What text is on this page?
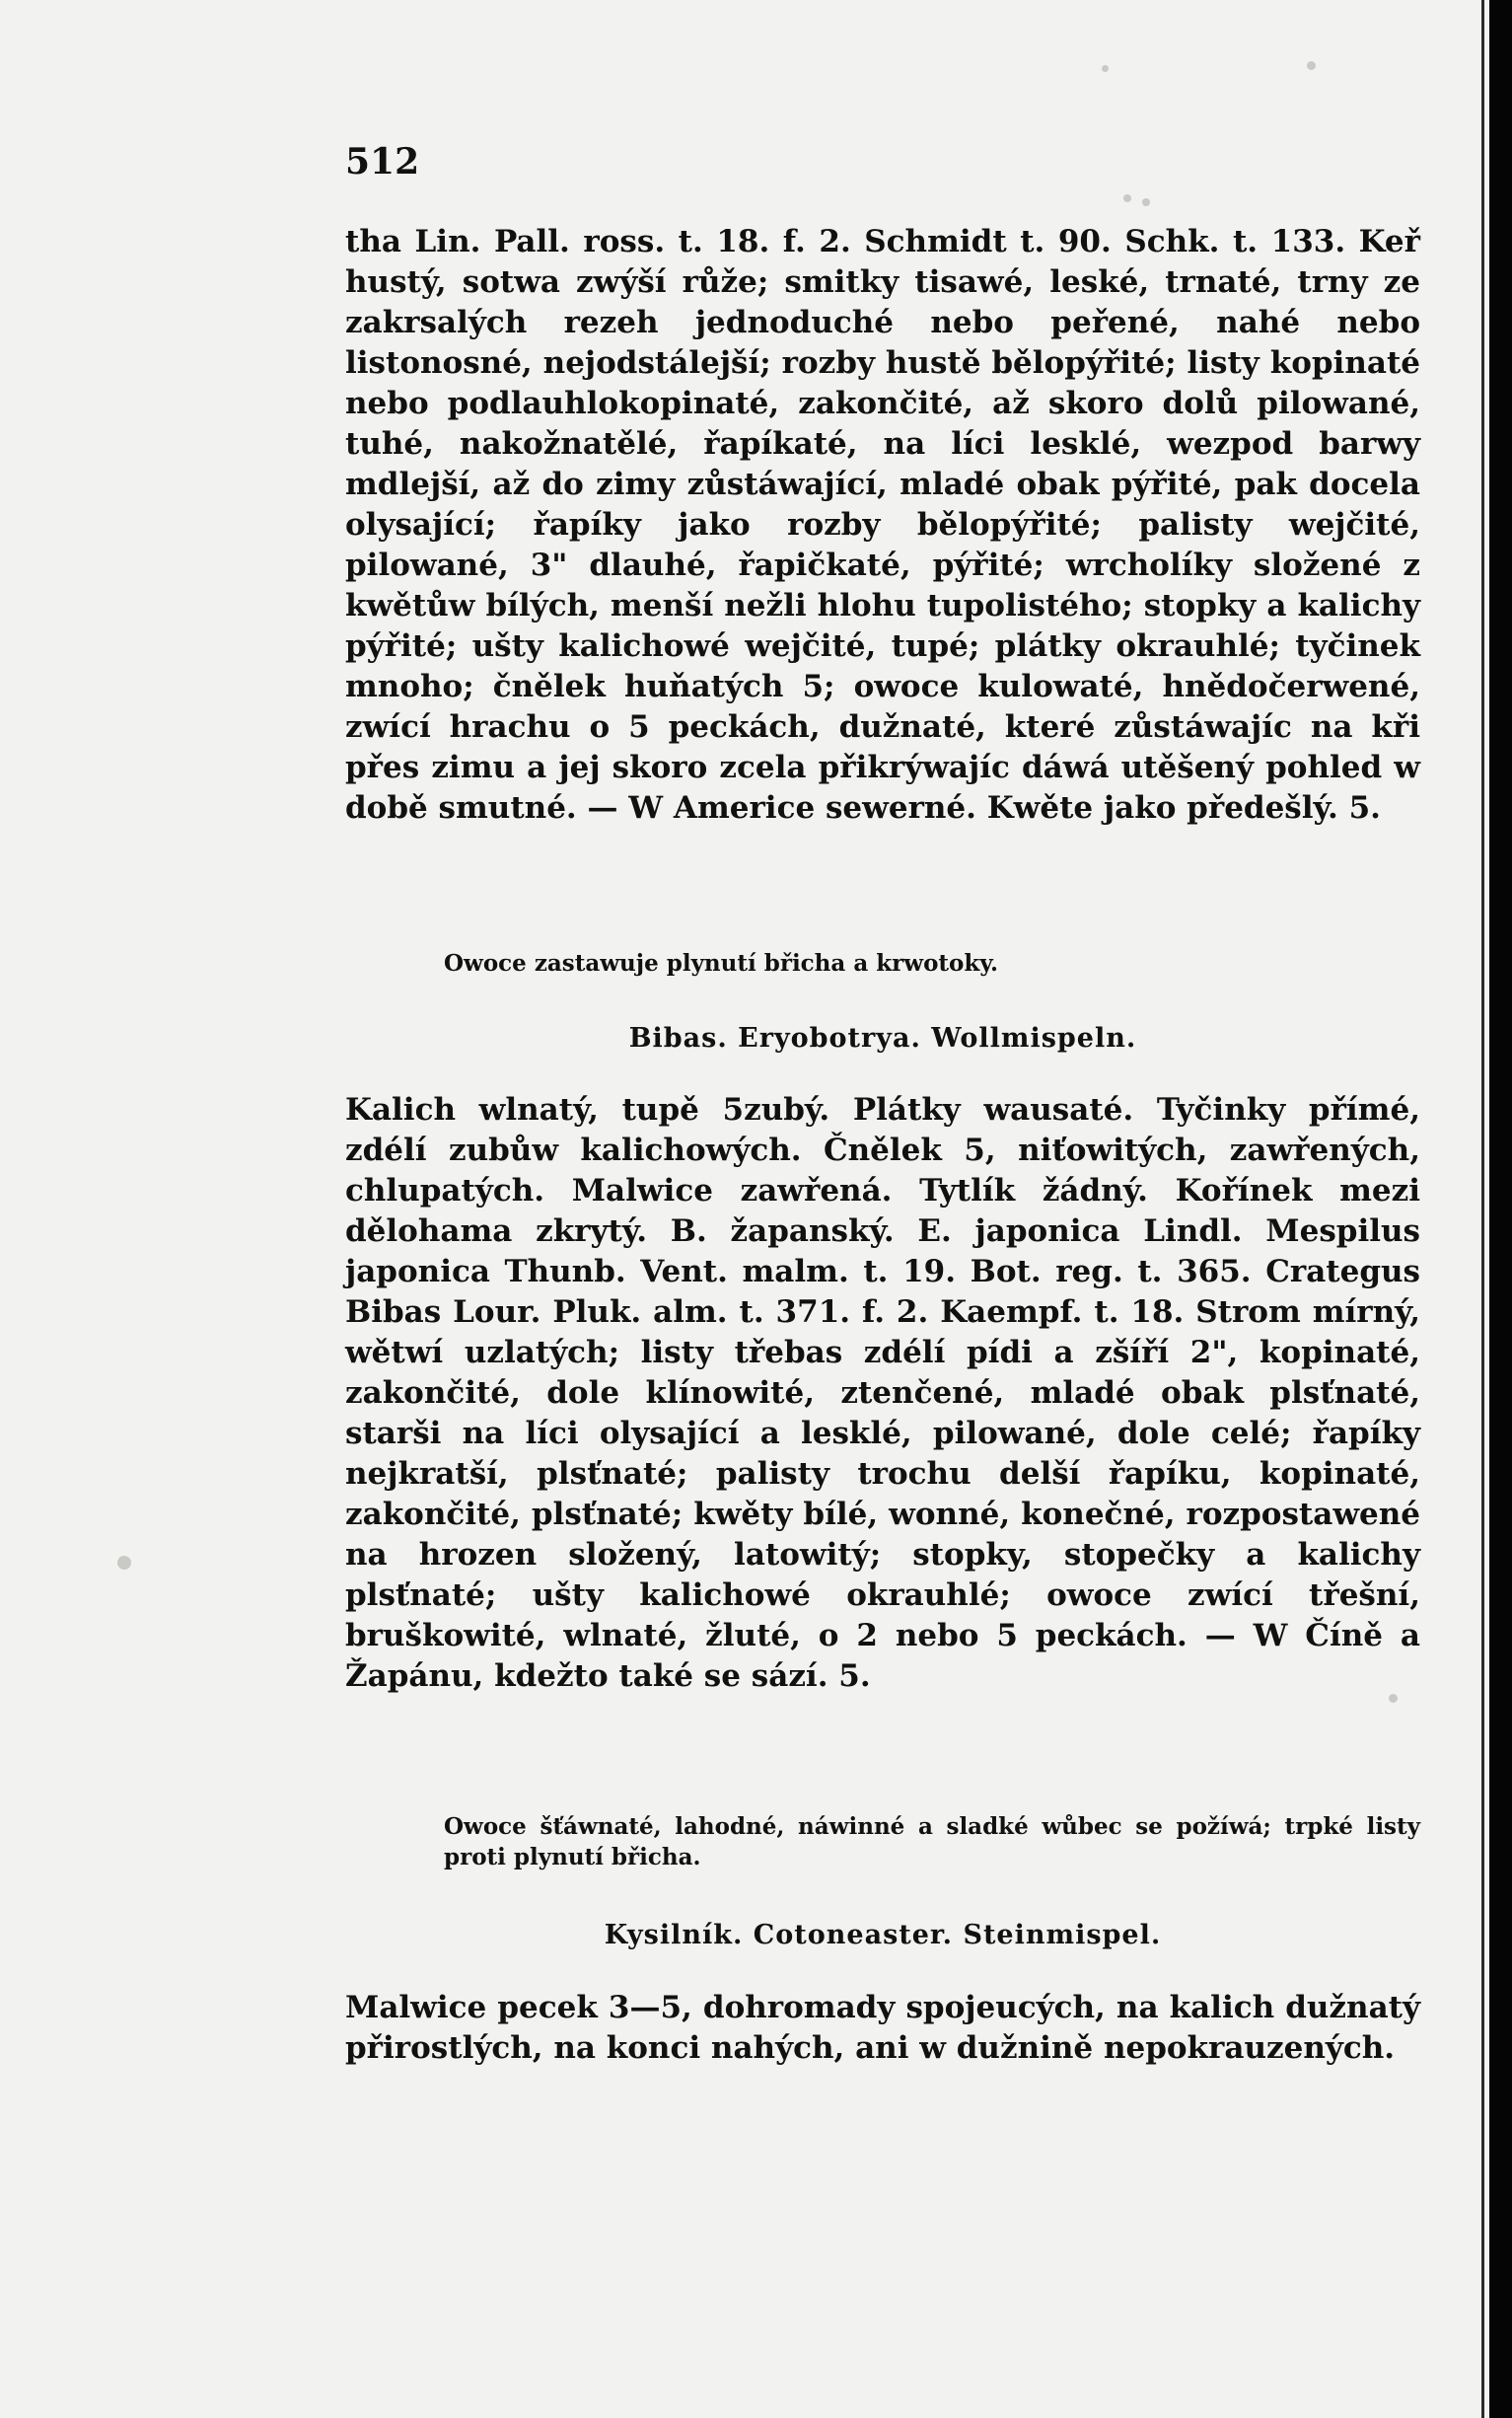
512

tha Lin. Pall. ross. t. 18. f. 2. Schmidt t. 90. Schk. t. 133. Keř hustý, sotwa zwýší růže; smitky tisawé, leské, trnaté, trny ze zakrsalých rezeh jednoduché nebo peřené, nahé nebo listonosné, nejodstálejší; rozby hustě bělopýřité; listy kopinaté nebo podlauhlokopinaté, zakončité, až skoro dolů pilowané, tuhé, nakožnatělé, řapíkaté, na líci lesklé, wezpod barwy mdlejší, až do zimy zůstáwající, mladé obak pýřité, pak docela olysající; řapíky jako rozby bělopýřité; palisty wejčité, pilowané, 3" dlauhé, řapičkaté, pýřité; wrcholíky složené z kwětůw bílých, menší nežli hlohu tupolistého; stopky a kalichy pýřité; ušty kalichowé wejčité, tupé; plátky okrauhlé; tyčinek mnoho; čnělek huňatých 5; owoce kulowaté, hnědočerwené, zwící hrachu o 5 peckách, dužnaté, které zůstáwajíc na kři přes zimu a jej skoro zcela přikrýwajíc dáwá utěšený pohled w době smutné. — W Americe sewerné. Kwěte jako předešlý. 5.

Owoce zastawuje plynutí břicha a krwotoky.

Bibas. Eryobotrya. Wollmispeln.

Kalich wlnatý, tupě 5zubý. Plátky wausaté. Tyčinky přímé, zdélí zubůw kalichowých. Čnělek 5, niťowitých, zawřených, chlupatých. Malwice zawřená. Tytlík žádný. Kořínek mezi dělohama zkrytý. B. žapanský. E. japonica Lindl. Mespilus japonica Thunb. Vent. malm. t. 19. Bot. reg. t. 365. Crategus Bibas Lour. Pluk. alm. t. 371. f. 2. Kaempf. t. 18. Strom mírný, wětwí uzlatých; listy třebas zdélí pídi a zšíří 2", kopinaté, zakončité, dole klínowité, ztenčené, mladé obak plsťnaté, starši na líci olysající a lesklé, pilowané, dole celé; řapíky nejkratší, plsťnaté; palisty trochu delší řapíku, kopinaté, zakončité, plsťnaté; kwěty bílé, wonné, konečné, rozpostawené na hrozen složený, latowitý; stopky, stopečky a kalichy plsťnaté; ušty kalichowé okrauhlé; owoce zwící třešní, bruškowité, wlnaté, žluté, o 2 nebo 5 peckách. — W Číně a Žapánu, kdežto také se sází. 5.

Owoce šťáwnaté, lahodné, náwinné a sladké wůbec se požíwá; trpké listy proti plynutí břicha.

Kysilník. Cotoneaster. Steinmispel.

Malwice pecek 3—5, dohromady spojeucých, na kalich dužnatý přirostlých, na konci nahých, ani w dužnině nepokrauzených.
